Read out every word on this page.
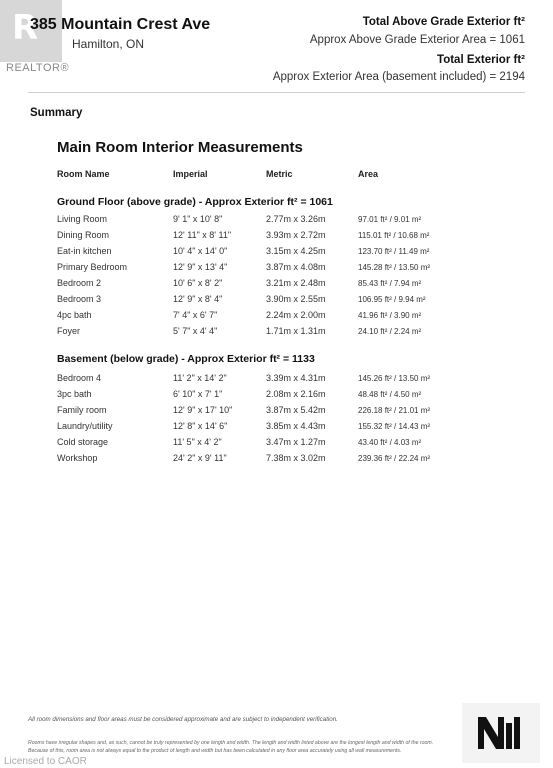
R
REALTOR®
385 Mountain Crest Ave
Hamilton, ON
Total Above Grade Exterior ft²
Approx Above Grade Exterior Area = 1061
Total Exterior ft²
Approx Exterior Area (basement included) = 2194
Summary
Main Room Interior Measurements
Room Name	Imperial	Metric	Area
Ground Floor (above grade) - Approx Exterior ft² = 1061
Living Room	9' 1" x 10' 8"	2.77m x 3.26m	97.01 ft² / 9.01 m²
Dining Room	12' 11" x 8' 11"	3.93m x 2.72m	115.01 ft² / 10.68 m²
Eat-in kitchen	10' 4" x 14' 0"	3.15m x 4.25m	123.70 ft² / 11.49 m²
Primary Bedroom	12' 9" x 13' 4"	3.87m x 4.08m	145.28 ft² / 13.50 m²
Bedroom 2	10' 6" x 8' 2"	3.21m x 2.48m	85.43 ft² / 7.94 m²
Bedroom 3	12' 9" x 8' 4"	3.90m x 2.55m	106.95 ft² / 9.94 m²
4pc bath	7' 4" x 6' 7"	2.24m x 2.00m	41.96 ft² / 3.90 m²
Foyer	5' 7" x 4' 4"	1.71m x 1.31m	24.10 ft² / 2.24 m²
Basement (below grade) - Approx Exterior ft² = 1133
Bedroom 4	11' 2" x 14' 2"	3.39m x 4.31m	145.26 ft² / 13.50 m²
3pc bath	6' 10" x 7' 1"	2.08m x 2.16m	48.48 ft² / 4.50 m²
Family room	12' 9" x 17' 10"	3.87m x 5.42m	226.18 ft² / 21.01 m²
Laundry/utility	12' 8" x 14' 6"	3.85m x 4.43m	155.32 ft² / 14.43 m²
Cold storage	11' 5" x 4' 2"	3.47m x 1.27m	43.40 ft² / 4.03 m²
Workshop	24' 2" x 9' 11"	7.38m x 3.02m	239.36 ft² / 22.24 m²
All room dimensions and floor areas must be considered approximate and are subject to independent verification.
Rooms have irregular shapes and, as such, cannot be truly represented by one length and width. The length and width listed above are the longest length and width of the room. Because of this, room area is not always equal to the product of length and width but has been calculated in any floor area accurately using all wall measurements.
Licensed to CAOR
